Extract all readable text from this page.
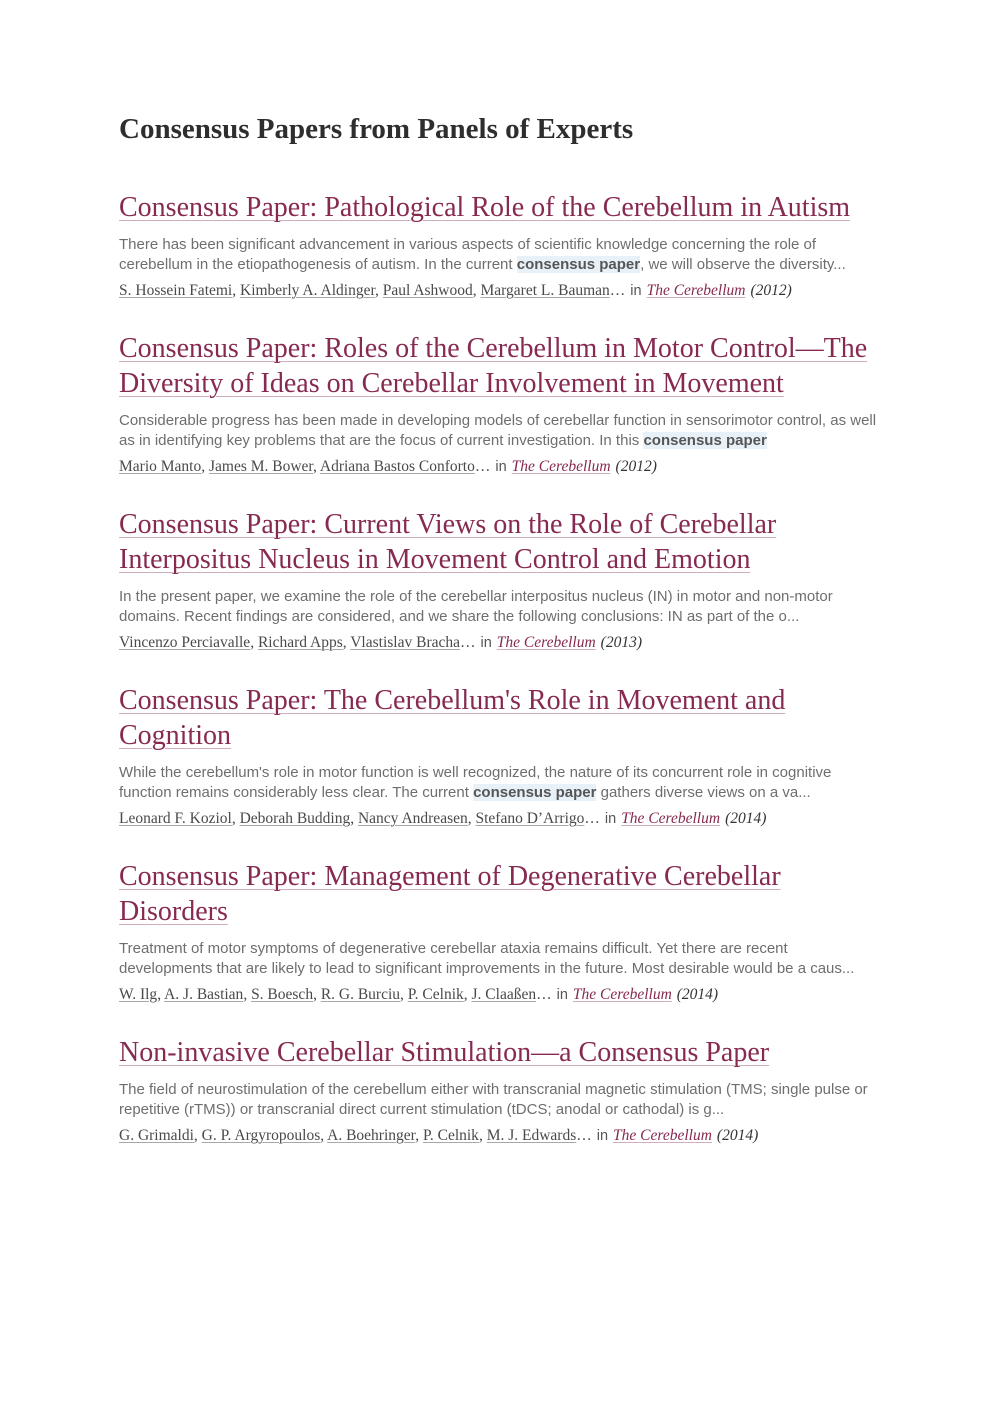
Consensus Papers from Panels of Experts
Consensus Paper: Pathological Role of the Cerebellum in Autism

There has been significant advancement in various aspects of scientific knowledge concerning the role of cerebellum in the etiopathogenesis of autism. In the current consensus paper, we will observe the diversity...

S. Hossein Fatemi, Kimberly A. Aldinger, Paul Ashwood, Margaret L. Bauman… in The Cerebellum (2012)

Consensus Paper: Roles of the Cerebellum in Motor Control—The Diversity of Ideas on Cerebellar Involvement in Movement

Considerable progress has been made in developing models of cerebellar function in sensorimotor control, as well as in identifying key problems that are the focus of current investigation. In this consensus paper

Mario Manto, James M. Bower, Adriana Bastos Conforto… in The Cerebellum (2012)

Consensus Paper: Current Views on the Role of Cerebellar Interpositus Nucleus in Movement Control and Emotion

In the present paper, we examine the role of the cerebellar interpositus nucleus (IN) in motor and non-motor domains. Recent findings are considered, and we share the following conclusions: IN as part of the o...

Vincenzo Perciavalle, Richard Apps, Vlastislav Bracha… in The Cerebellum (2013)

Consensus Paper: The Cerebellum's Role in Movement and Cognition

While the cerebellum's role in motor function is well recognized, the nature of its concurrent role in cognitive function remains considerably less clear. The current consensus paper gathers diverse views on a va...

Leonard F. Koziol, Deborah Budding, Nancy Andreasen, Stefano D’Arrigo… in The Cerebellum (2014)

Consensus Paper: Management of Degenerative Cerebellar Disorders

Treatment of motor symptoms of degenerative cerebellar ataxia remains difficult. Yet there are recent developments that are likely to lead to significant improvements in the future. Most desirable would be a caus...

W. Ilg, A. J. Bastian, S. Boesch, R. G. Burciu, P. Celnik, J. Claaßen… in The Cerebellum (2014)

Non-invasive Cerebellar Stimulation—a Consensus Paper

The field of neurostimulation of the cerebellum either with transcranial magnetic stimulation (TMS; single pulse or repetitive (rTMS)) or transcranial direct current stimulation (tDCS; anodal or cathodal) is g...

G. Grimaldi, G. P. Argyropoulos, A. Boehringer, P. Celnik, M. J. Edwards… in The Cerebellum (2014)
